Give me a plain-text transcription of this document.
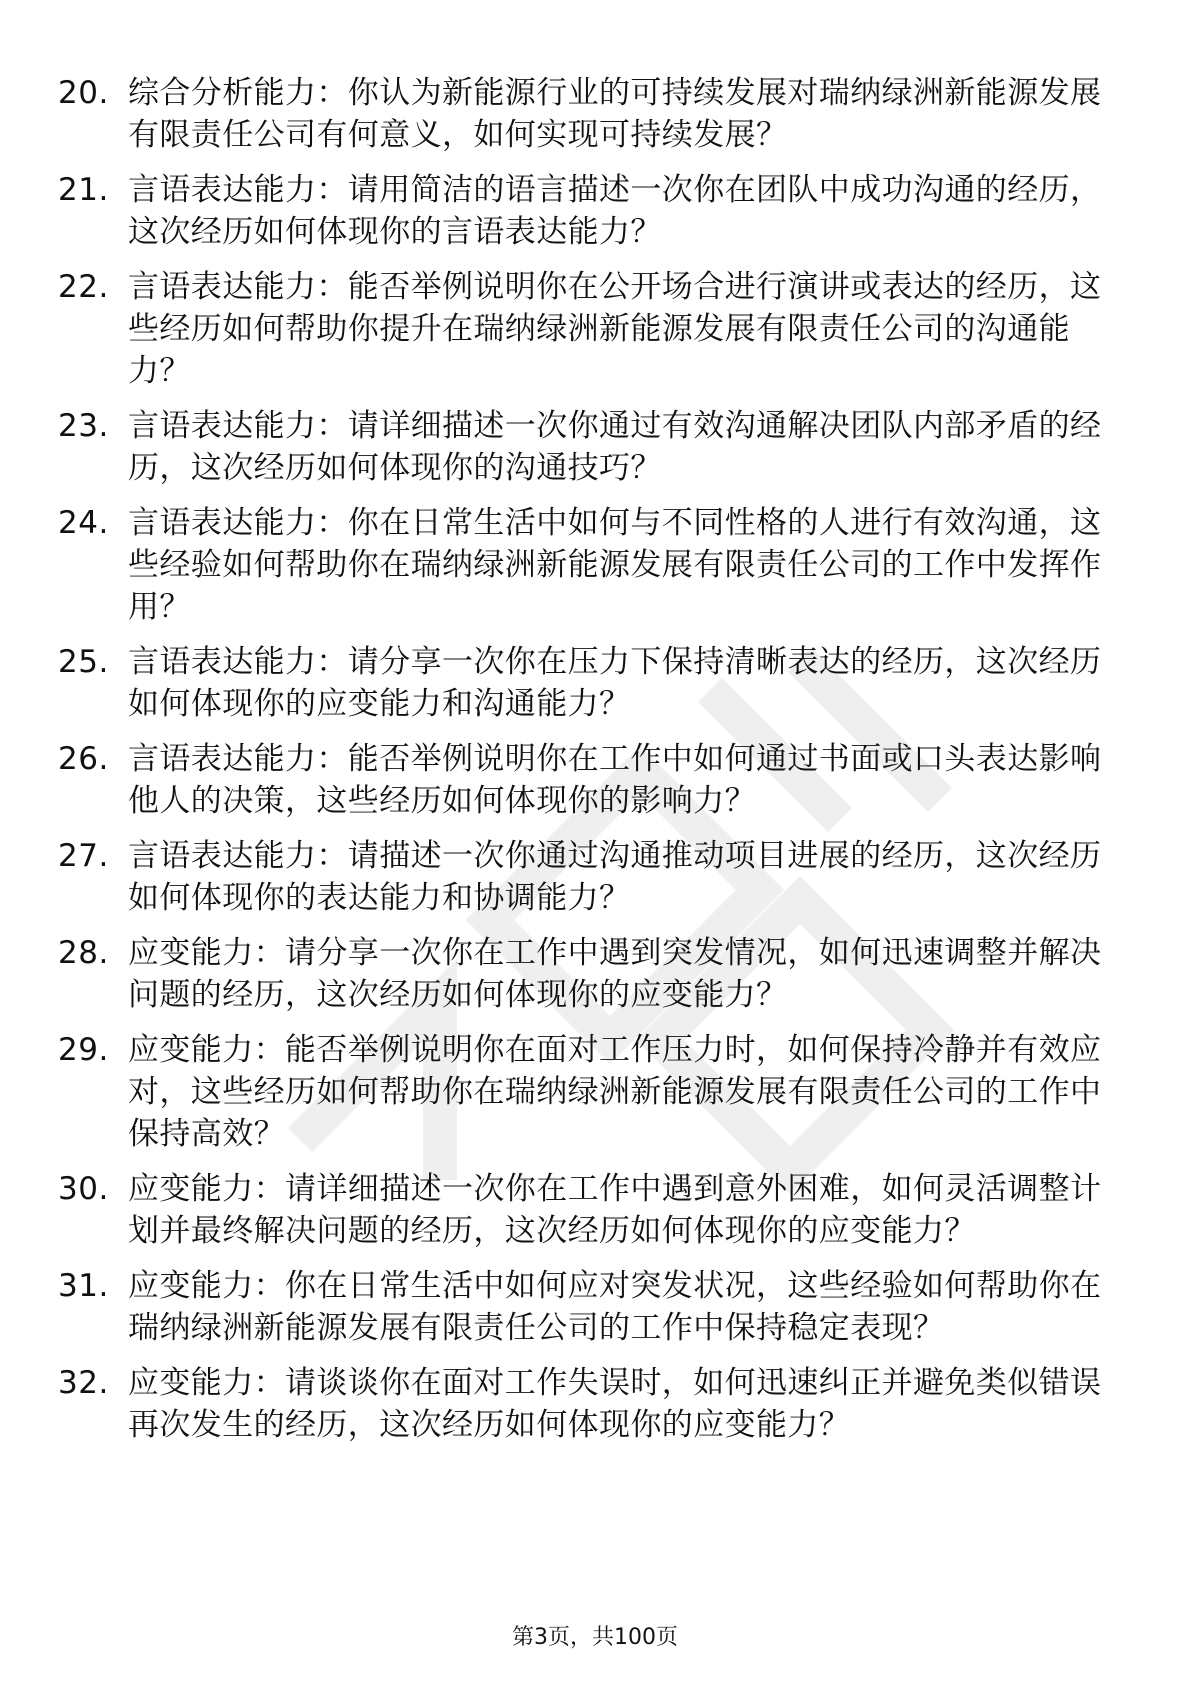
20. 综合分析能力：你认为新能源行业的可持续发展对瑞纳绿洲新能源发展有限责任公司有何意义，如何实现可持续发展？
21. 言语表达能力：请用简洁的语言描述一次你在团队中成功沟通的经历，这次经历如何体现你的言语表达能力？
22. 言语表达能力：能否举例说明你在公开场合进行演讲或表达的经历，这些经历如何帮助你提升在瑞纳绿洲新能源发展有限责任公司的沟通能力？
23. 言语表达能力：请详细描述一次你通过有效沟通解决团队内部矛盾的经历，这次经历如何体现你的沟通技巧？
24. 言语表达能力：你在日常生活中如何与不同性格的人进行有效沟通，这些经验如何帮助你在瑞纳绿洲新能源发展有限责任公司的工作中发挥作用？
25. 言语表达能力：请分享一次你在压力下保持清晰表达的经历，这次经历如何体现你的应变能力和沟通能力？
26. 言语表达能力：能否举例说明你在工作中如何通过书面或口头表达影响他人的决策，这些经历如何体现你的影响力？
27. 言语表达能力：请描述一次你通过沟通推动项目进展的经历，这次经历如何体现你的表达能力和协调能力？
28. 应变能力：请分享一次你在工作中遇到突发情况，如何迅速调整并解决问题的经历，这次经历如何体现你的应变能力？
29. 应变能力：能否举例说明你在面对工作压力时，如何保持冷静并有效应对，这些经历如何帮助你在瑞纳绿洲新能源发展有限责任公司的工作中保持高效？
30. 应变能力：请详细描述一次你在工作中遇到意外困难，如何灵活调整计划并最终解决问题的经历，这次经历如何体现你的应变能力？
31. 应变能力：你在日常生活中如何应对突发状况，这些经验如何帮助你在瑞纳绿洲新能源发展有限责任公司的工作中保持稳定表现？
32. 应变能力：请谈谈你在面对工作失误时，如何迅速纠正并避免类似错误再次发生的经历，这次经历如何体现你的应变能力？
第3页，共100页
